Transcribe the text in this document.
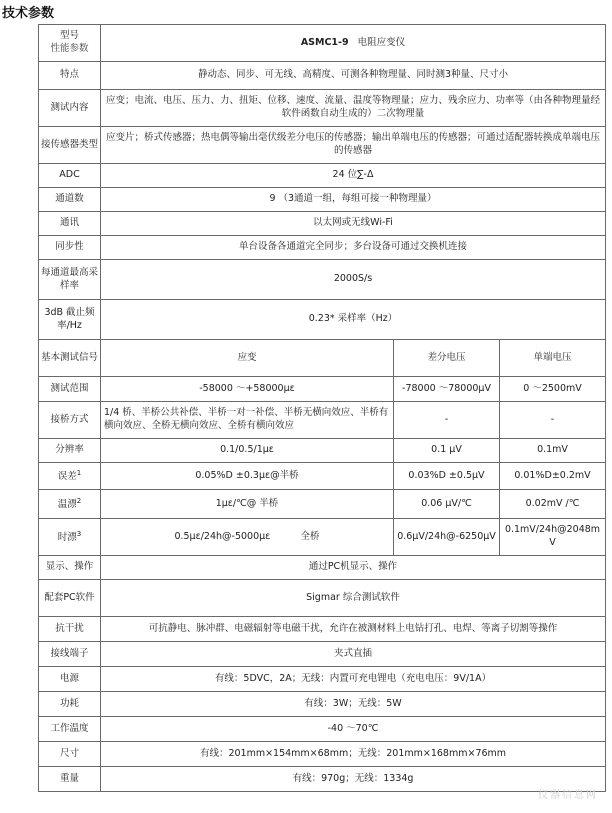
技术参数
型号
性能参数	ASMC1-9 电阻应变仪		
特点	静动态、同步、可无线、高精度、可测各种物理量、同时测3种量、尺寸小		
测试内容	应变；电流、电压、压力、力、扭矩、位移、速度、流量、温度等物理量；应力、残余应力、功率等（由各种物理量经软件函数自动生成的）二次物理量		
接传感器类型	应变片；桥式传感器；热电偶等输出毫伏级差分电压的传感器；输出单端电压的传感器；可通过适配器转换成单端电压的传感器		
ADC	24 位∑-Δ		
通道数	9 （3通道一组，每组可接一种物理量）		
通讯	以太网或无线Wi-Fi		
同步性	单台设备各通道完全同步；多台设备可通过交换机连接		
每通道最高采样率	2000S/s		
3dB 截止频率/Hz	0.23* 采样率（Hz）		
基本测试信号	应变	差分电压	单端电压
测试范围	-58000 ～+58000με	-78000 ～78000μV	0 ～2500mV
接桥方式	1/4 桥、半桥公共补偿、半桥一对一补偿、半桥无横向效应、半桥有横向效应、全桥无横向效应、全桥有横向效应	-	-
分辨率	0.1/0.5/1με	0.1 μV	0.1mV
误差$^1$	0.05%D ±0.3με@半桥	0.03%D ±0.5μV	0.01%D±0.2mV
温漂$^2$	1με/℃@ 半桥	0.06 μV/℃	0.02mV /℃
时漂$^3$	0.5με/24h@-5000με 全桥	0.6μV/24h@-6250μV	0.1mV/24h@2048mV
显示、操作	通过PC机显示、操作		
配套PC软件	Sigmar 综合测试软件		
抗干扰	可抗静电、脉冲群、电磁辐射等电磁干扰，允许在被测材料上电钻打孔、电焊、等离子切割等操作		
接线端子	夹式直插		
电源	有线：5DVC，2A；无线：内置可充电锂电（充电电压：9V/1A）		
功耗	有线：3W；无线：5W		
工作温度	-40 ～70℃		
尺寸	有线：201mm×154mm×68mm；无线：201mm×168mm×76mm		
重量	有线：970g；无线：1334g		
仪器信息网
